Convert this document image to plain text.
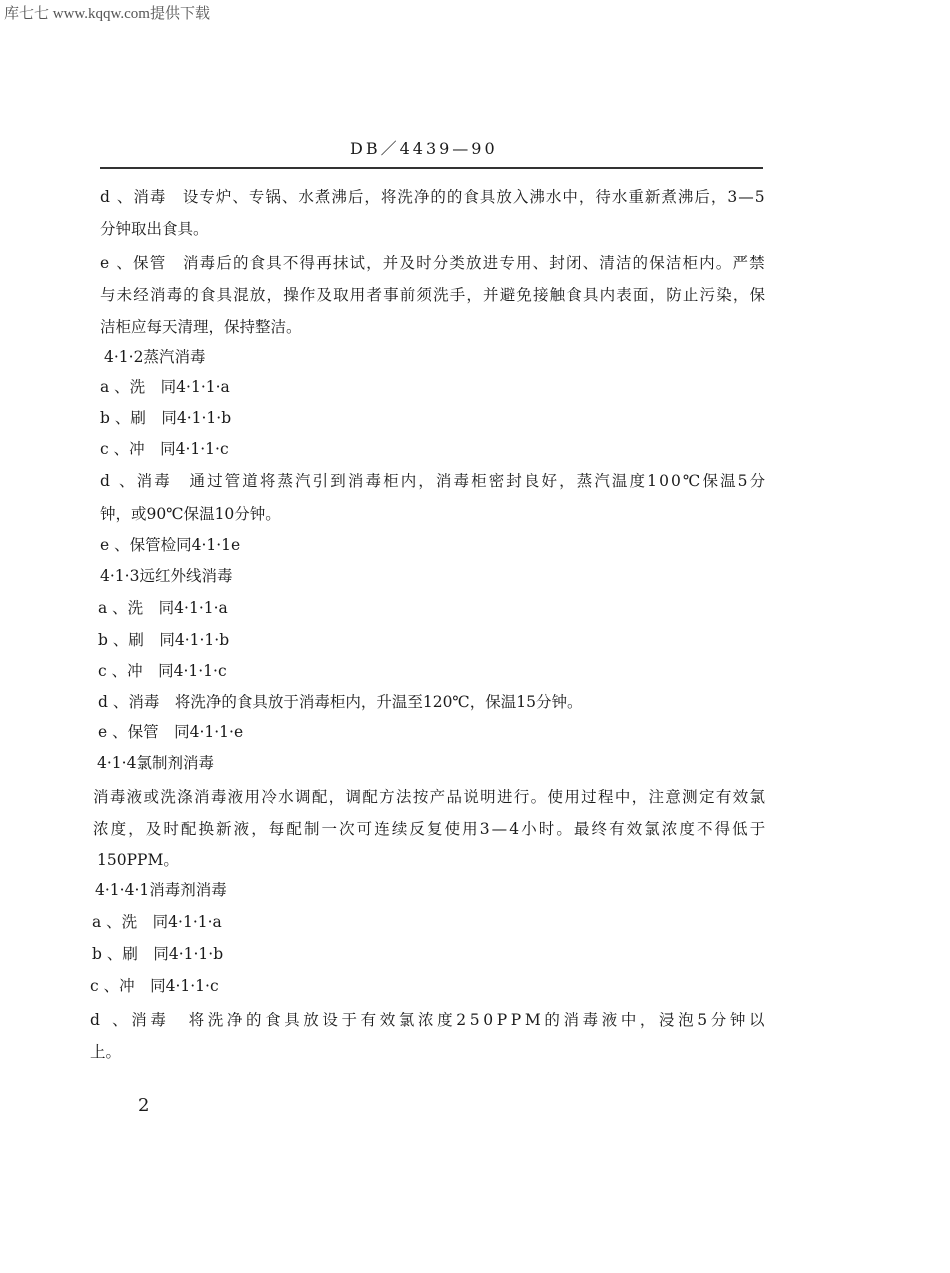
库七七 www.kqqw.com提供下载
DB／4439—90
d 、消毒　设专炉、专锅、水煮沸后，将洗净的的食具放入沸水中，待水重新煮沸后，3—5
分钟取出食具。
e 、保管　消毒后的食具不得再抹试，并及时分类放进专用、封闭、清洁的保洁柜内。严禁
与未经消毒的食具混放，操作及取用者事前须洗手，并避免接触食具内表面，防止污染，保
洁柜应每天清理，保持整洁。
4·1·2蒸汽消毒
a 、洗　同4·1·1·a
b 、刷　同4·1·1·b
c 、冲　同4·1·1·c
d 、消毒　通过管道将蒸汽引到消毒柜内，消毒柜密封良好，蒸汽温度100℃保温5分
钟，或90℃保温10分钟。
e 、保管检同4·1·1e
4·1·3远红外线消毒
a 、洗　同4·1·1·a
b 、刷　同4·1·1·b
c 、冲　同4·1·1·c
d 、消毒　将洗净的食具放于消毒柜内，升温至120℃，保温15分钟。
e 、保管　同4·1·1·e
4·1·4氯制剂消毒
消毒液或洗涤消毒液用冷水调配，调配方法按产品说明进行。使用过程中，注意测定有效氯
浓度，及时配换新液，每配制一次可连续反复使用3—4小时。最终有效氯浓度不得低于
150PPM。
4·1·4·1消毒剂消毒
a 、洗　同4·1·1·a
b 、刷　同4·1·1·b
c 、冲　同4·1·1·c
d 、消毒　将洗净的食具放设于有效氯浓度250PPM的消毒液中，浸泡5分钟以
上。
2
